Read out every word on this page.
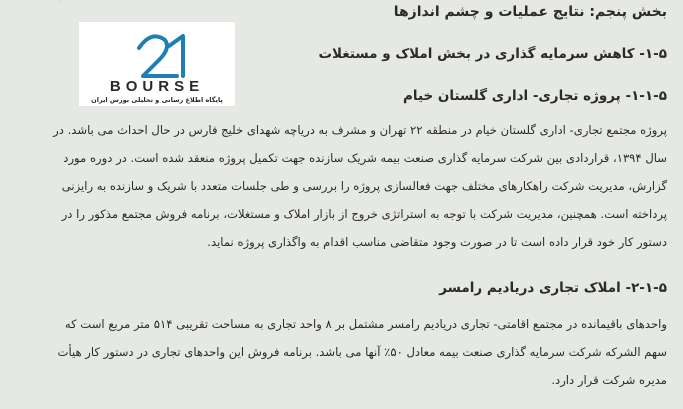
21
BOURSE
پایگاه اطلاع رسانی و تحلیلی بورس ایران
بخش پنجم: نتایج عملیات و چشم اندازها
۱-۵- کاهش سرمایه گذاری در بخش املاک و مستغلات
۱-۱-۵- پروژه تجاری- اداری گلستان خیام
پروژه مجتمع تجاری- اداری گلستان خیام در منطقه ۲۲ تهران و مشرف به دریاچه شهدای خلیج فارس در حال احداث می باشد. در
سال ۱۳۹۴، قراردادی بین شرکت سرمایه گذاری صنعت بیمه شریک سازنده جهت تکمیل پروژه منعقد شده است. در دوره مورد
گزارش، مدیریت شرکت راهکارهای مختلف جهت فعالسازی پروژه را بررسی و طی جلسات متعدد با شریک و سازنده به رایزنی
پرداخته است. همچنین، مدیریت شرکت با توجه به استراتژی خروج از بازار املاک و مستغلات، برنامه فروش مجتمع مذکور را در
دستور کار خود قرار داده است تا در صورت وجود متقاضی مناسب اقدام به واگذاری پروژه نماید.
۲-۱-۵- املاک تجاری دریادیم رامسر
واحدهای باقیمانده در مجتمع اقامتی- تجاری دریادیم رامسر مشتمل بر ۸ واحد تجاری به مساحت تقریبی ۵۱۴ متر مربع است که
سهم الشرکه شرکت سرمایه گذاری صنعت بیمه معادل ۵۰٪ آنها می باشد. برنامه فروش این واحدهای تجاری در دستور کار هیأت
مدیره شرکت قرار دارد.
